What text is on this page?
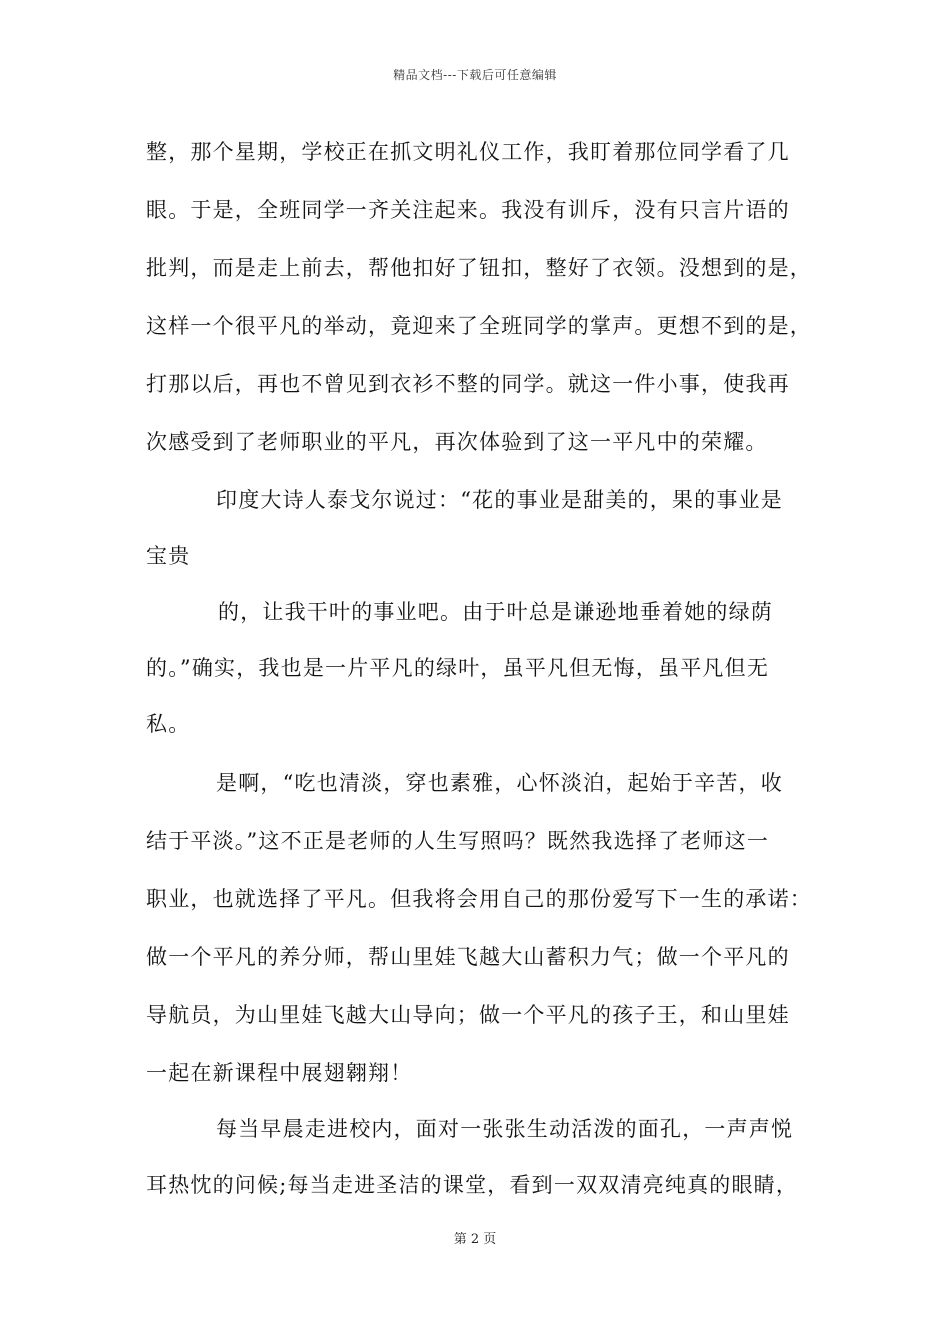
精品文档---下载后可任意编辑
整，那个星期，学校正在抓文明礼仪工作，我盯着那位同学看了几
眼。于是，全班同学一齐关注起来。我没有训斥，没有只言片语的
批判，而是走上前去，帮他扣好了钮扣，整好了衣领。没想到的是，
这样一个很平凡的举动，竟迎来了全班同学的掌声。更想不到的是，
打那以后，再也不曾见到衣衫不整的同学。就这一件小事，使我再
次感受到了老师职业的平凡，再次体验到了这一平凡中的荣耀。
印度大诗人泰戈尔说过：“花的事业是甜美的，果的事业是
宝贵
的，让我干叶的事业吧。由于叶总是谦逊地垂着她的绿荫
的。”确实，我也是一片平凡的绿叶，虽平凡但无悔，虽平凡但无
私。
是啊，“吃也清淡，穿也素雅，心怀淡泊，起始于辛苦，收
结于平淡。”这不正是老师的人生写照吗？既然我选择了老师这一
职业，也就选择了平凡。但我将会用自己的那份爱写下一生的承诺：
做一个平凡的养分师，帮山里娃飞越大山蓄积力气；做一个平凡的
导航员，为山里娃飞越大山导向；做一个平凡的孩子王，和山里娃
一起在新课程中展翅翱翔！
每当早晨走进校内，面对一张张生动活泼的面孔，一声声悦
耳热忱的问候;每当走进圣洁的课堂，看到一双双清亮纯真的眼睛，
第 2 页
